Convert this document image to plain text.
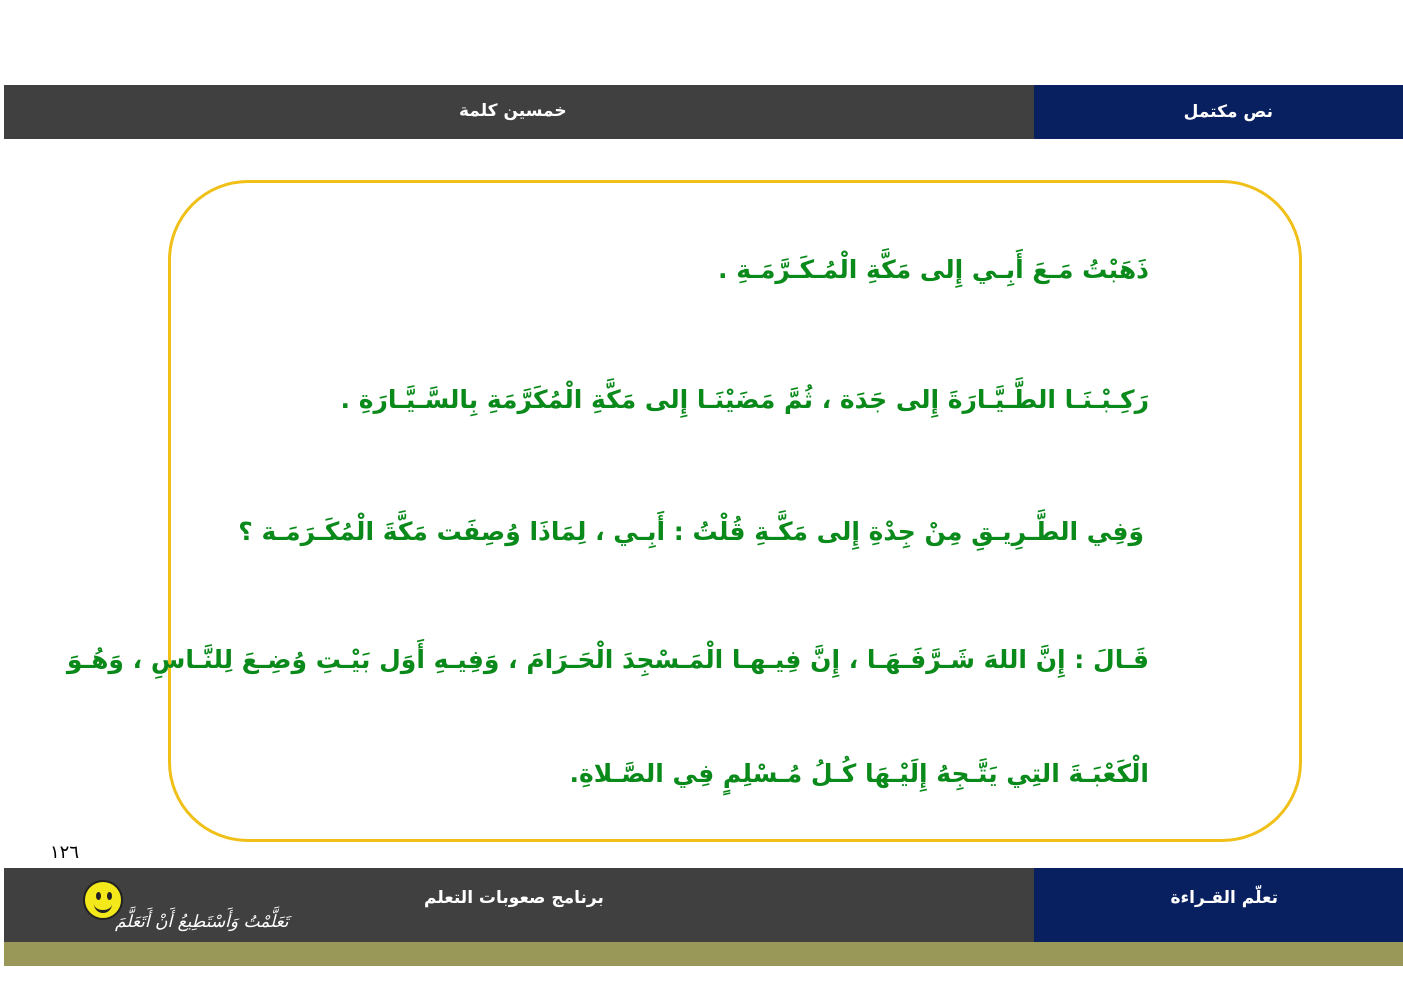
خمسين كلمة	نص مكتمل
ذَهَبْتُ مَـعَ أَبِـي إِلى مَكَّةِ الْمُـكَـرَّمَـةِ .
رَكِـبْـنَـا الطَّـيَّـارَةَ إِلى جَدَة ، ثُمَّ مَضَيْنَـا إِلى مَكَّةِ الْمُكَرَّمَةِ بِالسَّـيَّـارَةِ .
وَفِي الطَّـرِيـقِ مِنْ جِدْةِ إِلى مَكَّـةِ قُلْتُ : أَبِـي ، لِمَاذَا وُصِفَت مَكَّةَ الْمُكَـرَمَـة ؟
قَـالَ : إِنَّ اللهَ شَـرَّفَـهَـا ، إِنَّ فِيـهـا الْمَـسْجِدَ الْحَـرَامَ ، وَفِيـهِ أَوَل بَيْـتِ وُضِـعَ لِلنَّـاسِ ، وَهُـوَ
الْكَعْبَـةَ التِي يَتَّـجِهُ إِلَيْـهَا كُـلُ مُـسْلِمٍ فِي الصَّـلاةِ.
١٢٦
برنامج صعوبات التعلم	تعلّم القـراءة
تَعَلَّمْتُ وَأَسْتَطِيعُ أَنْ أَتَعَلَّمَ
